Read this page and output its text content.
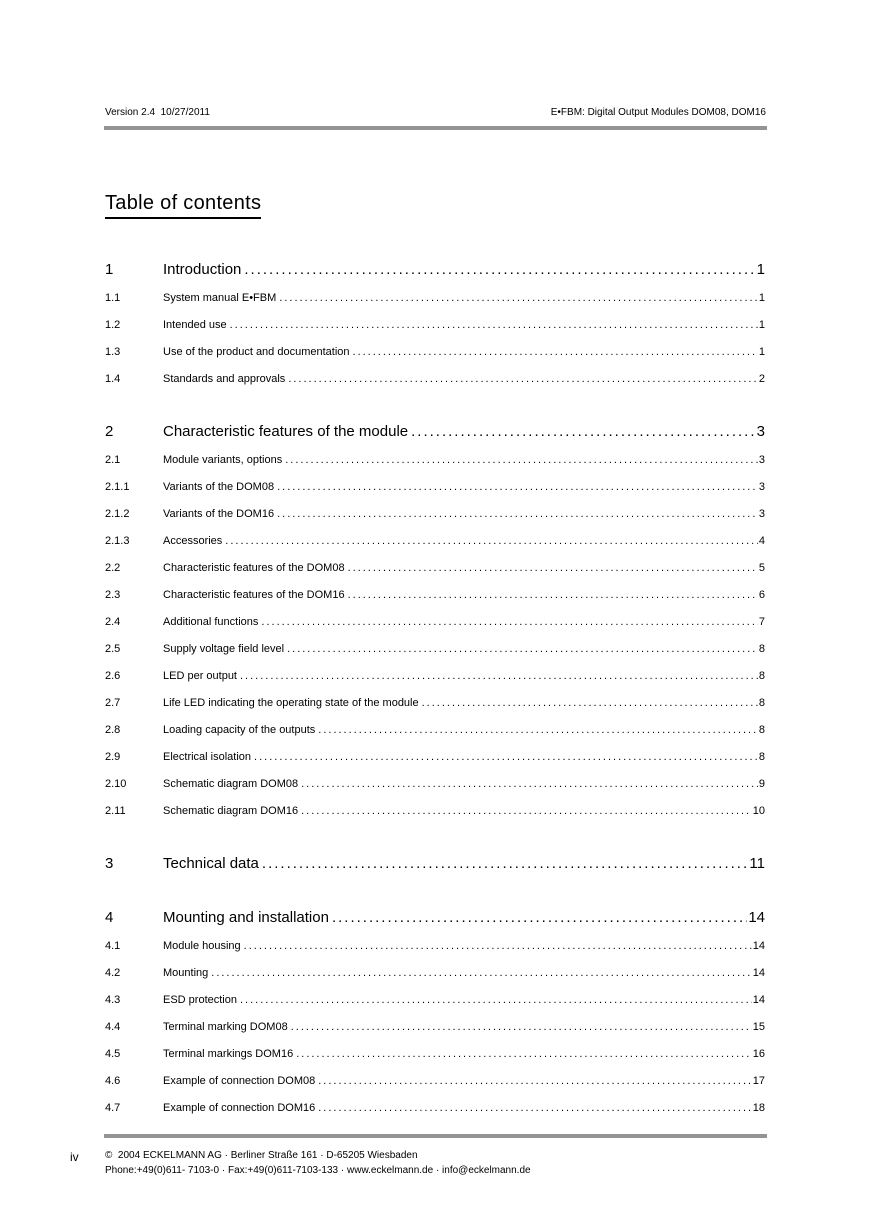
Version 2.4  10/27/2011	E•FBM: Digital Output Modules DOM08, DOM16
Table of contents
1	Introduction .....	1
1.1	System manual E•FBM .....	1
1.2	Intended use .....	1
1.3	Use of the product and documentation .....	1
1.4	Standards and approvals .....	2
2	Characteristic features of the module .....	3
2.1	Module variants, options .....	3
2.1.1	Variants of the DOM08 .....	3
2.1.2	Variants of the DOM16 .....	3
2.1.3	Accessories .....	4
2.2	Characteristic features of the DOM08 .....	5
2.3	Characteristic features of the DOM16 .....	6
2.4	Additional functions .....	7
2.5	Supply voltage field level .....	8
2.6	LED per output .....	8
2.7	Life LED indicating the operating state of the module .....	8
2.8	Loading capacity of the outputs .....	8
2.9	Electrical isolation .....	8
2.10	Schematic diagram DOM08 .....	9
2.11	Schematic diagram DOM16 .....	10
3	Technical data .....	11
4	Mounting and installation .....	14
4.1	Module housing .....	14
4.2	Mounting .....	14
4.3	ESD protection .....	14
4.4	Terminal marking DOM08 .....	15
4.5	Terminal markings DOM16 .....	16
4.6	Example of connection DOM08 .....	17
4.7	Example of connection DOM16 .....	18
iv	©  2004 ECKELMANN AG · Berliner Straße 161 · D-65205 Wiesbaden
Phone:+49(0)611- 7103-0 · Fax:+49(0)611-7103-133 · www.eckelmann.de · info@eckelmann.de
